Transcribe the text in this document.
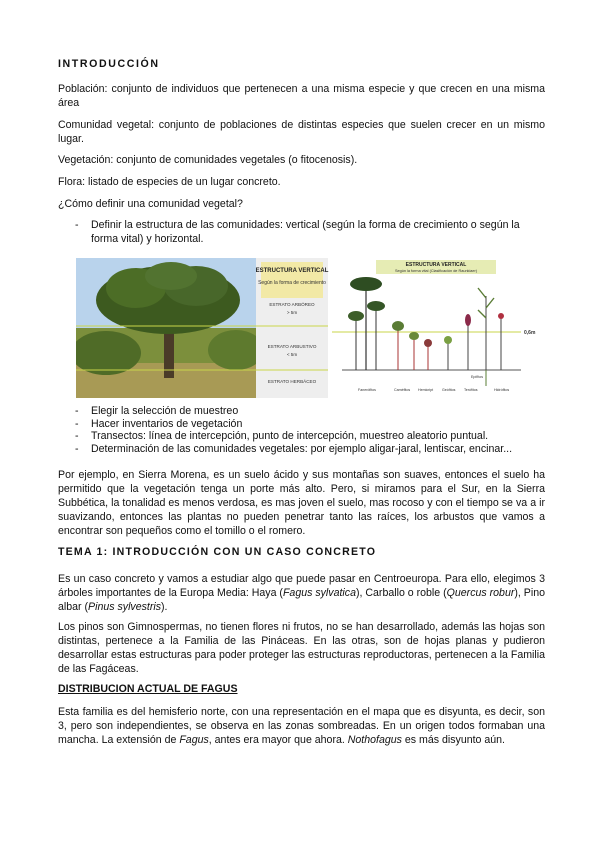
INTRODUCCIÓN

Población: conjunto de individuos que pertenecen a una misma especie y que crecen en una misma área

Comunidad vegetal: conjunto de poblaciones de distintas especies que suelen crecer en un mismo lugar.

Vegetación: conjunto de comunidades vegetales (o fitocenosis).

Flora: listado de especies de un lugar concreto.

¿Cómo definir una comunidad vegetal?

- Definir la estructura de las comunidades: vertical (según la forma de crecimiento o según la forma vital) y horizontal.
ESTRUCTURA VERTICAL
Según la forma de crecimiento
ESTRATO ARBÓREO
> 5m
ESTRATO ARBUSTIVO
< 5m
ESTRATO HERBÁCEO
ESTRUCTURA VERTICAL
Según la forma vital (Clasificación de Raunkiaer)
0,6m
Epífitos
Fanerófitos	Caméfitos Hemicript Geófitos Terófitos	Hidrófitos
- Elegir la selección de muestreo
- Hacer inventarios de vegetación
- Transectos: línea de intercepción, punto de intercepción, muestreo aleatorio puntual.
- Determinación de las comunidades vegetales: por ejemplo aligar-jaral, lentiscar, encinar...

Por ejemplo, en Sierra Morena, es un suelo ácido y sus montañas son suaves, entonces el suelo ha permitido que la vegetación tenga un porte más alto. Pero, si miramos para el Sur, en la Sierra Subbética, la tonalidad es menos verdosa, es mas joven el suelo, mas rocoso y con el tiempo se va a ir suavizando, entonces las plantas no pueden penetrar tanto las raíces, los arbustos que vamos a encontrar son pequeños como el tomillo o el romero.

TEMA 1: INTRODUCCIÓN CON UN CASO CONCRETO

Es un caso concreto y vamos a estudiar algo que puede pasar en Centroeuropa. Para ello, elegimos 3 árboles importantes de la Europa Media: Haya (Fagus sylvatica), Carballo o roble (Quercus robur), Pino albar (Pinus sylvestris).

Los pinos son Gimnospermas, no tienen flores ni frutos, no se han desarrollado, además las hojas son distintas, pertenece a la Familia de las Pináceas. En las otras, son de hojas planas y pudieron desarrollar estas estructuras para poder proteger las estructuras reproductoras, pertenecen a la Familia de las Fagáceas.

DISTRIBUCION ACTUAL DE FAGUS

Esta familia es del hemisferio norte, con una representación en el mapa que es disyunta, es decir, son 3, pero son independientes, se observa en las zonas sombreadas. En un origen todos formaban una mancha. La extensión de Fagus, antes era mayor que ahora. Nothofagus es más disyunto aún.
